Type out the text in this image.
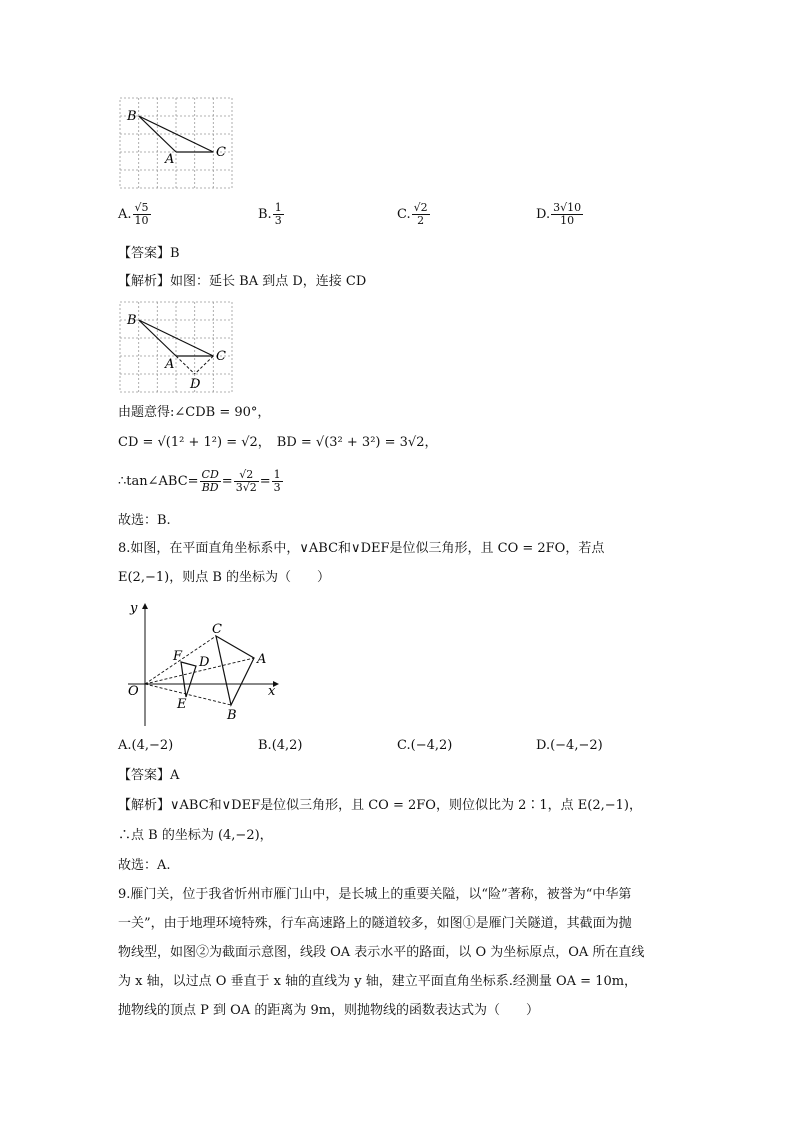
B
A	C
A. $\frac{√5}{10}$	B. $\frac{1}{3}$	C. $\frac{√2}{2}$	D. $\frac{3√10}{10}$
【答案】B
【解析】如图：延长 BA 到点 D，连接 CD
B
A
C
D
由题意得:∠CDB = 90°，
CD = √(1² + 1²) = √2， BD = √(3² + 3²) = 3√2，
∴tan∠ABC= $\frac{CD}{BD} = \frac{√2}{3√2} = \frac{1}{3}$
故选：B.
8.如图，在平面直角坐标系中，∨ABC和∨DEF是位似三角形，且 CO = 2FO，若点
E(2,−1)，则点 B 的坐标为（　　）
y
x
O
F D
E
C
A
B
A.(4,−2)	B.(4,2)	C.(−4,2)	D.(−4,−2)
【答案】A
【解析】∨ABC和∨DEF是位似三角形，且 CO = 2FO，则位似比为 2∶1，点 E(2,−1)，
∴点 B 的坐标为 (4,−2)，
故选：A.
9.雁门关，位于我省忻州市雁门山中，是长城上的重要关隘，以“险”著称，被誉为“中华第
一关”，由于地理环境特殊，行车高速路上的隧道较多，如图①是雁门关隧道，其截面为抛
物线型，如图②为截面示意图，线段 OA 表示水平的路面，以 O 为坐标原点，OA 所在直线
为 x 轴，以过点 O 垂直于 x 轴的直线为 y 轴，建立平面直角坐标系.经测量 OA = 10m，
抛物线的顶点 P 到 OA 的距离为 9m，则抛物线的函数表达式为（　　）
